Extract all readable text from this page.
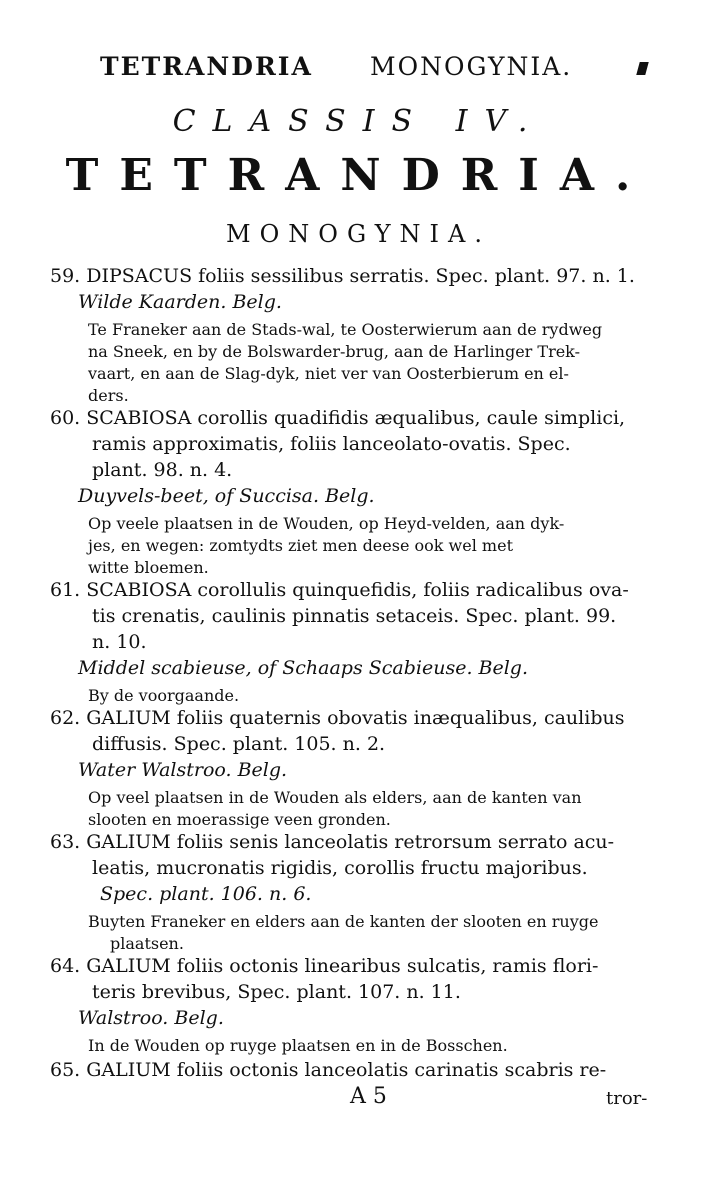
TETRANDRIA MONOGYNIA.
CLASSIS IV.
TETRANDRIA.
MONOGYNIA.
59. DIPSACUS foliis sessilibus serratis. Spec. plant. 97. n. 1.
Wilde Kaarden. Belg.
Te Franeker aan de Stads-wal, te Oosterwierum aan de rydweg
na Sneek, en by de Bolswarder-brug, aan de Harlinger Trek-
vaart, en aan de Slag-dyk, niet ver van Oosterbierum en el-
ders.
60. SCABIOSA corollis quadifidis æqualibus, caule simplici,
ramis approximatis, foliis lanceolato-ovatis. Spec.
plant. 98. n. 4.
Duyvels-beet, of Succisa. Belg.
Op veele plaatsen in de Wouden, op Heyd-velden, aan dyk-
jes, en wegen: zomtydts ziet men deese ook wel met
witte bloemen.
61. SCABIOSA corollulis quinquefidis, foliis radicalibus ova-
tis crenatis, caulinis pinnatis setaceis. Spec. plant. 99.
n. 10.
Middel scabieuse, of Schaaps Scabieuse. Belg.
By de voorgaande.
62. GALIUM foliis quaternis obovatis inæqualibus, caulibus
diffusis. Spec. plant. 105. n. 2.
Water Walstroo. Belg.
Op veel plaatsen in de Wouden als elders, aan de kanten van
slooten en moerassige veen gronden.
63. GALIUM foliis senis lanceolatis retrorsum serrato acu-
leatis, mucronatis rigidis, corollis fructu majoribus.
Spec. plant. 106. n. 6.
Buyten Franeker en elders aan de kanten der slooten en ruyge
plaatsen.
64. GALIUM foliis octonis linearibus sulcatis, ramis flori-
teris brevibus, Spec. plant. 107. n. 11.
Walstroo. Belg.
In de Wouden op ruyge plaatsen en in de Bosschen.
65. GALIUM foliis octonis lanceolatis carinatis scabris re-
A 5	tror-
